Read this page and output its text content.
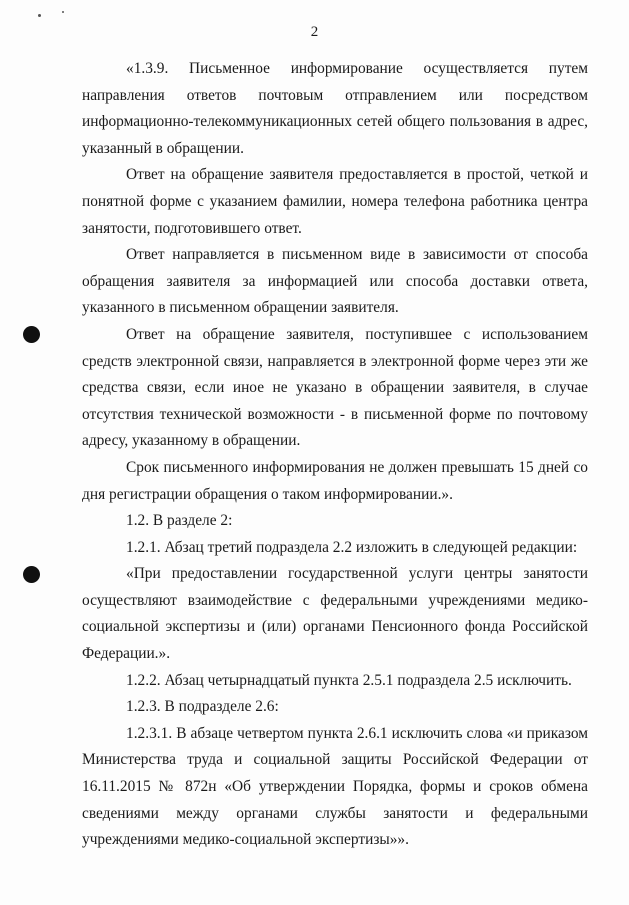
2

«1.3.9. Письменное информирование осуществляется путем направления ответов почтовым отправлением или посредством информационно-телекоммуникационных сетей общего пользования в адрес, указанный в обращении.

Ответ на обращение заявителя предоставляется в простой, четкой и понятной форме с указанием фамилии, номера телефона работника центра занятости, подготовившего ответ.

Ответ направляется в письменном виде в зависимости от способа обращения заявителя за информацией или способа доставки ответа, указанного в письменном обращении заявителя.

Ответ на обращение заявителя, поступившее с использованием средств электронной связи, направляется в электронной форме через эти же средства связи, если иное не указано в обращении заявителя, в случае отсутствия технической возможности - в письменной форме по почтовому адресу, указанному в обращении.

Срок письменного информирования не должен превышать 15 дней со дня регистрации обращения о таком информировании.».

1.2. В разделе 2:

1.2.1. Абзац третий подраздела 2.2 изложить в следующей редакции:

«При предоставлении государственной услуги центры занятости осуществляют взаимодействие с федеральными учреждениями медико-социальной экспертизы и (или) органами Пенсионного фонда Российской Федерации.».

1.2.2. Абзац четырнадцатый пункта 2.5.1 подраздела 2.5 исключить.

1.2.3. В подразделе 2.6:

1.2.3.1. В абзаце четвертом пункта 2.6.1 исключить слова «и приказом Министерства труда и социальной защиты Российской Федерации от 16.11.2015 № 872н «Об утверждении Порядка, формы и сроков обмена сведениями между органами службы занятости и федеральными учреждениями медико-социальной экспертизы»».
